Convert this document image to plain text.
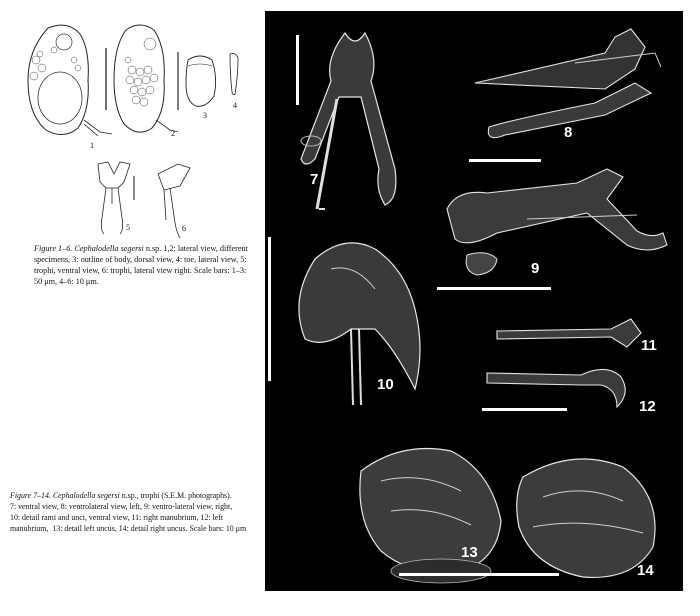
1
2
3
4
5	6
Figure 1–6. Cephalodella segersi n.sp. 1,2: lateral view, different
specimens, 3: outline of body, dorsal view, 4: toe, lateral view, 5:
trophi, ventral view, 6: trophi, lateral view right. Scale bars: 1–3:
50 μm, 4–6: 10 μm.
Figure 7–14. Cephalodella segersi n.sp., trophi (S.E.M. photographs).
7: ventral view, 8: ventrolateral view, left, 9: ventro-lateral view, right,
10: detail rami and unci, ventral view, 11: right manubrium, 12: left
manubrium, 13: detail left uncus, 14: detail right uncus. Scale bars: 10 μm
7
8
9
10
11
12
13
14
